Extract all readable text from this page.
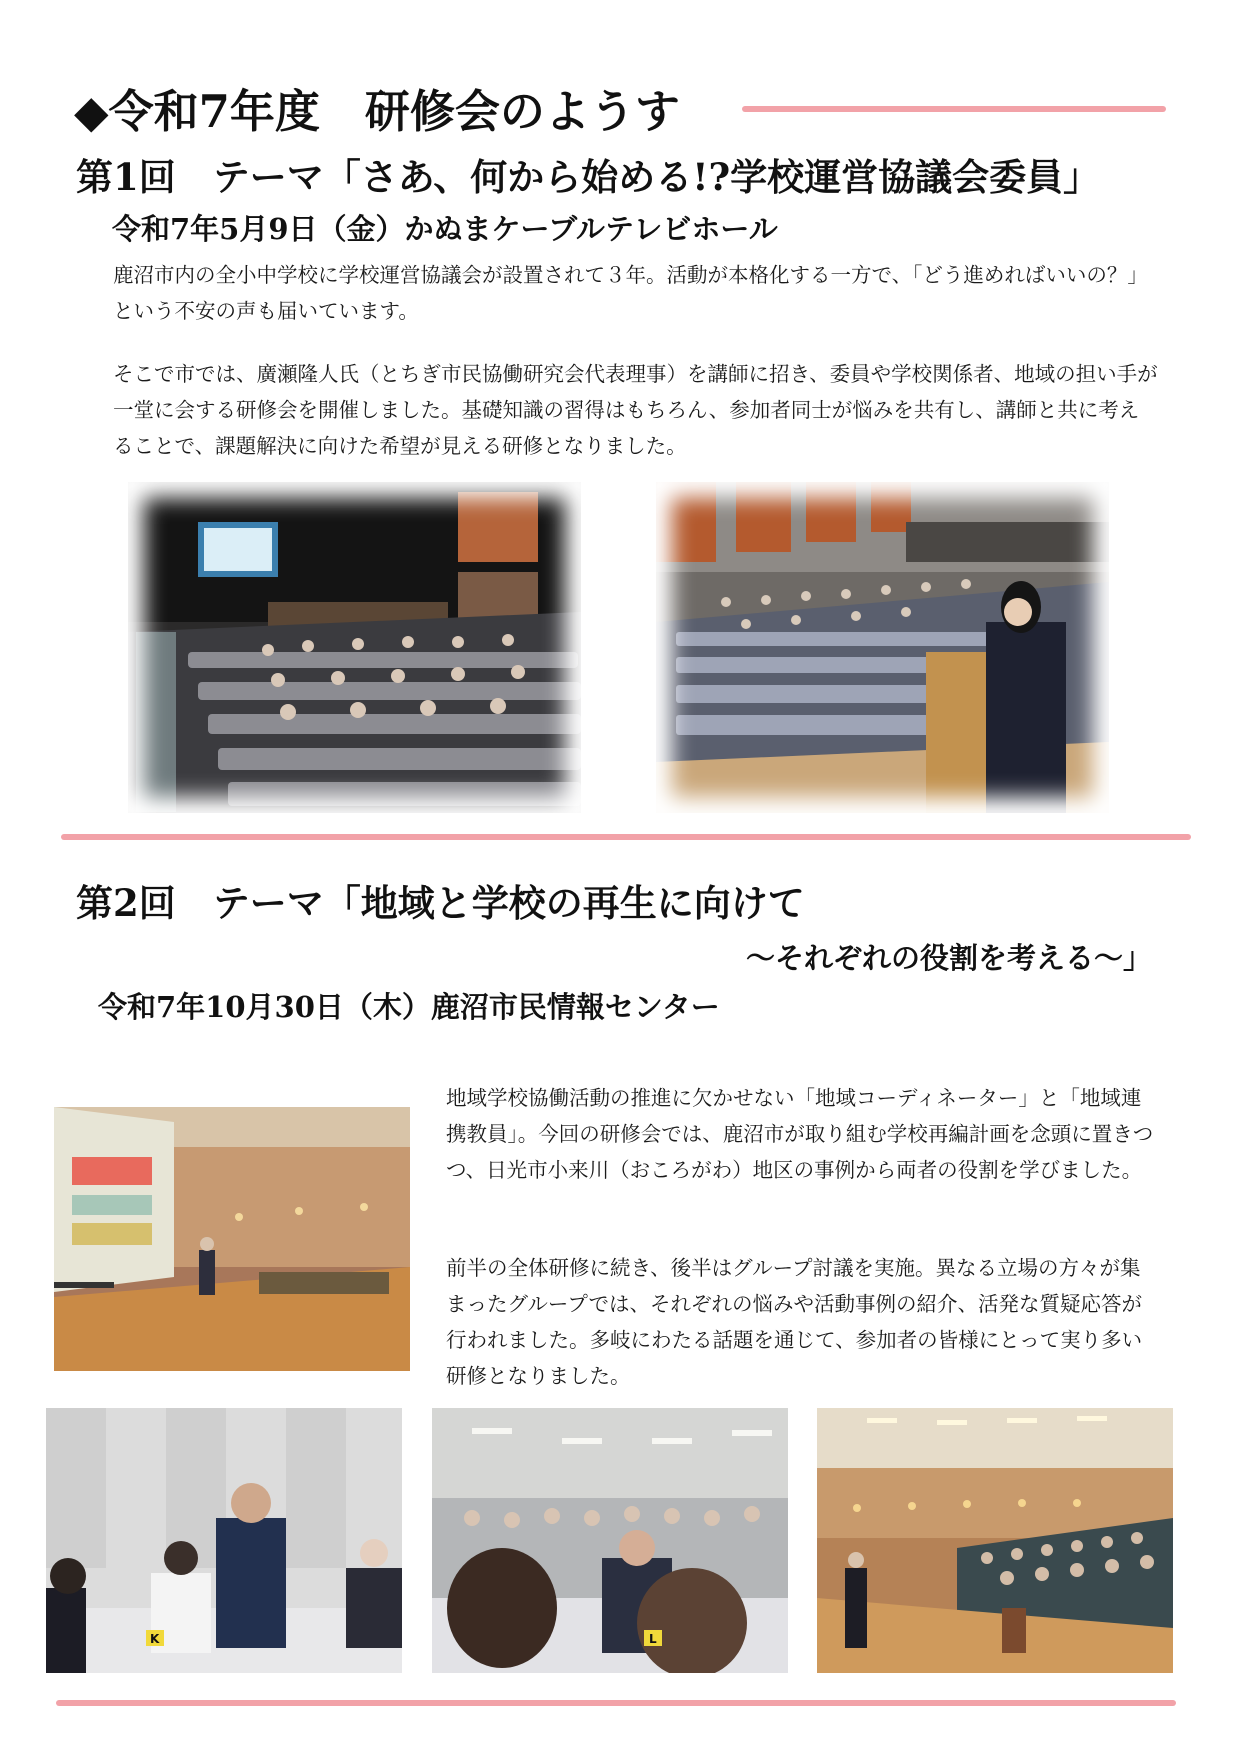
◆令和7年度　研修会のようす
第1回　テーマ「さあ、何から始める!?学校運営協議会委員」
令和7年5月9日（金）かぬまケーブルテレビホール
鹿沼市内の全小中学校に学校運営協議会が設置されて３年。活動が本格化する一方で、「どう進めればいいの？」という不安の声も届いています。
そこで市では、廣瀬隆人氏（とちぎ市民協働研究会代表理事）を講師に招き、委員や学校関係者、地域の担い手が一堂に会する研修会を開催しました。基礎知識の習得はもちろん、参加者同士が悩みを共有し、講師と共に考えることで、課題解決に向けた希望が見える研修となりました。
第2回　テーマ「地域と学校の再生に向けて
～それぞれの役割を考える～」
令和7年10月30日（木）鹿沼市民情報センター
地域学校協働活動の推進に欠かせない「地域コーディネーター」と「地域連携教員」。今回の研修会では、鹿沼市が取り組む学校再編計画を念頭に置きつつ、日光市小来川（おころがわ）地区の事例から両者の役割を学びました。
前半の全体研修に続き、後半はグループ討議を実施。異なる立場の方々が集まったグループでは、それぞれの悩みや活動事例の紹介、活発な質疑応答が行われました。多岐にわたる話題を通じて、参加者の皆様にとって実り多い研修となりました。
K	L
